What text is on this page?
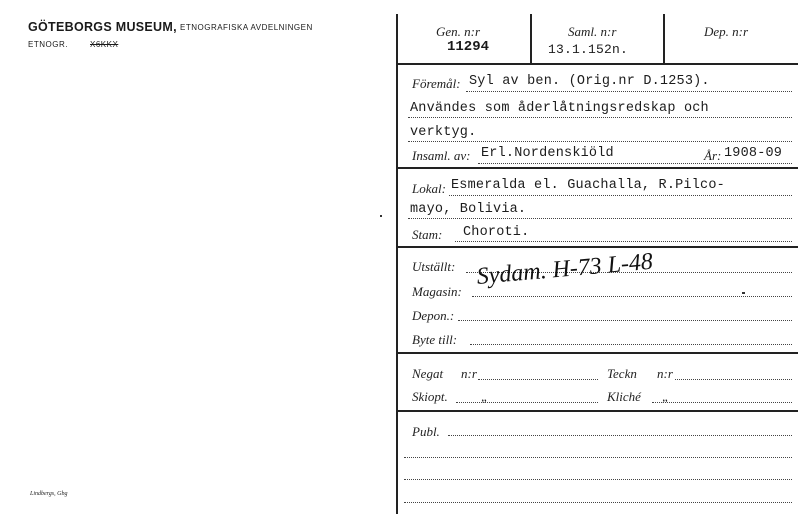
GÖTEBORGS MUSEUM, ETNOGRAFISKA AVDELNINGEN
ETNOGR.	X6KKX
Lindbergs, Gbg
Gen. n:r
11294
Saml. n:r
13.1.152n.
Dep. n:r
Föremål: Syl av ben. (Orig.nr D.1253).
Användes som åderlåtningsredskap och
verktyg.
Insaml. av: Erl.Nordenskiöld	År: 1908-09
Lokal: Esmeralda el. Guachalla, R.Pilco-
mayo, Bolivia.
Stam: Choroti.
Utställt:
Magasin:
Sydam. H-73 L-48
Depon.:
Byte till:
Negat n:r	Teckn n:r
Skiopt.	„	Kliché „
Publ.
